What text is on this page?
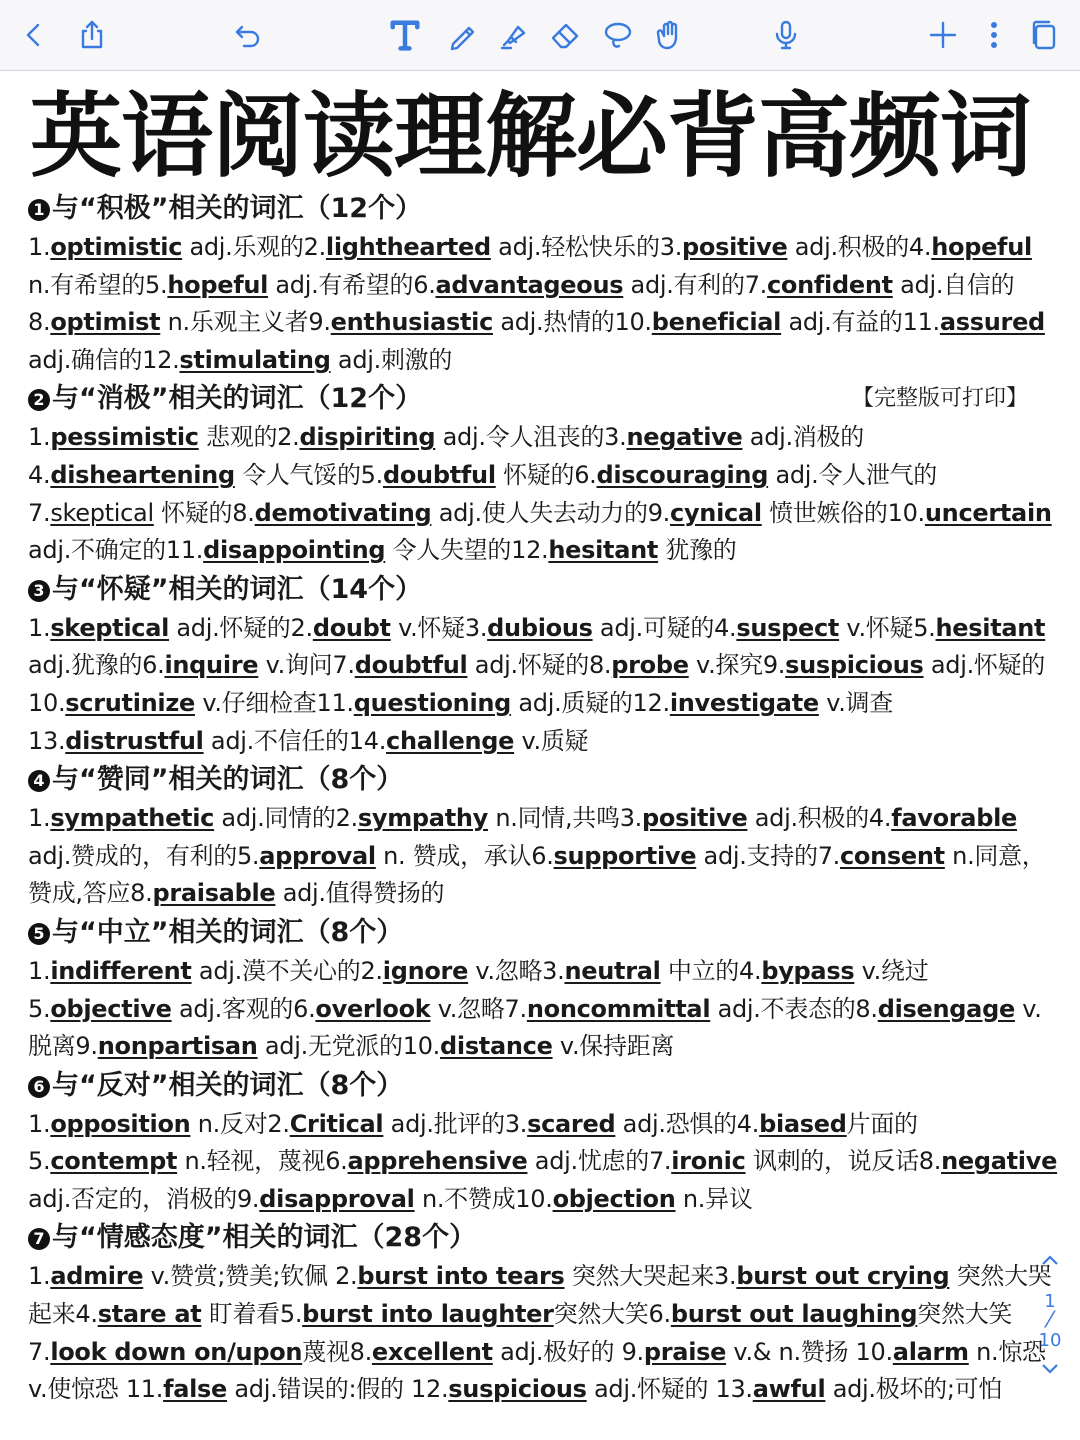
英语阅读理解必背高频词
1 与“积极”相关的词汇（12个）
1.optimistic adj.乐观的2.lighthearted adj.轻松快乐的3.positive adj.积极的4.hopeful n.有希望的5.hopeful adj.有希望的6.advantageous adj.有利的7.confident adj.自信的8.optimist n.乐观主义者9.enthusiastic adj.热情的10.beneficial adj.有益的11.assured adj.确信的12.stimulating adj.刺激的
2 与“消极”相关的词汇（12个）	【完整版可打印】
1.pessimistic 悲观的2.dispiriting adj.令人沮丧的3.negative adj.消极的4.disheartening 令人气馁的5.doubtful 怀疑的6.discouraging adj.令人泄气的7.skeptical 怀疑的8.demotivating adj.使人失去动力的9.cynical 愤世嫉俗的10.uncertain adj.不确定的11.disappointing 令人失望的12.hesitant 犹豫的
3 与“怀疑”相关的词汇（14个）
1.skeptical adj.怀疑的2.doubt v.怀疑3.dubious adj.可疑的4.suspect v.怀疑5.hesitant adj.犹豫的6.inquire v.询问7.doubtful adj.怀疑的8.probe v.探究9.suspicious adj.怀疑的10.scrutinize v.仔细检查11.questioning adj.质疑的12.investigate v.调查13.distrustful adj.不信任的14.challenge v.质疑
4 与“赞同”相关的词汇（8个）
1.sympathetic adj.同情的2.sympathy n.同情,共鸣3.positive adj.积极的4.favorable adj.赞成的，有利的5.approval n. 赞成，承认6.supportive adj.支持的7.consent n.同意，赞成,答应8.praisable adj.值得赞扬的
5 与“中立”相关的词汇（8个）
1.indifferent adj.漠不关心的2.ignore v.忽略3.neutral 中立的4.bypass v.绕过5.objective adj.客观的6.overlook v.忽略7.noncommittal adj.不表态的8.disengage v.脱离9.nonpartisan adj.无党派的10.distance v.保持距离
6 与“反对”相关的词汇（8个）
1.opposition n.反对2.Critical adj.批评的3.scared adj.恐惧的4.biased片面的5.contempt n.轻视，蔑视6.apprehensive adj.忧虑的7.ironic 讽刺的，说反话8.negative adj.否定的，消极的9.disapproval n.不赞成10.objection n.异议
7 与“情感态度”相关的词汇（28个）
1.admire v.赞赏;赞美;钦佩 2.burst into tears 突然大哭起来3.burst out crying 突然大哭起来4.stare at 盯着看5.burst into laughter突然大笑6.burst out laughing突然大笑7.look down on/upon蔑视8.excellent adj.极好的 9.praise v.& n.赞扬 10.alarm n.惊恐 v.使惊恐 11.false adj.错误的:假的 12.suspicious adj.怀疑的 13.awful adj.极坏的;可怕
1
⁄
10
